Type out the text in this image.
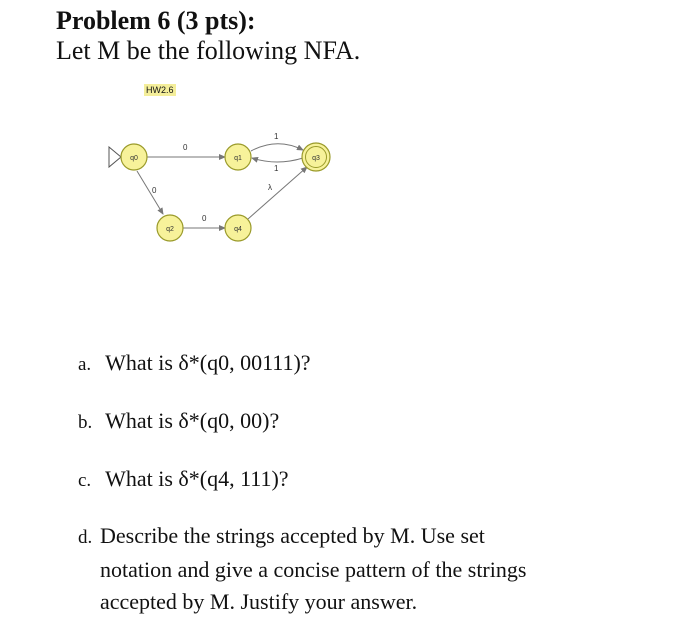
Problem 6 (3 pts):

Let M be the following NFA.

HW2.6
0
0
0
1
1
λ
q0	q1	q3
q2	q4

a. What is δ*(q0, 00111)?

b. What is δ*(q0, 00)?

c. What is δ*(q4, 111)?

d. Describe the strings accepted by M. Use set
notation and give a concise pattern of the strings
accepted by M. Justify your answer.
